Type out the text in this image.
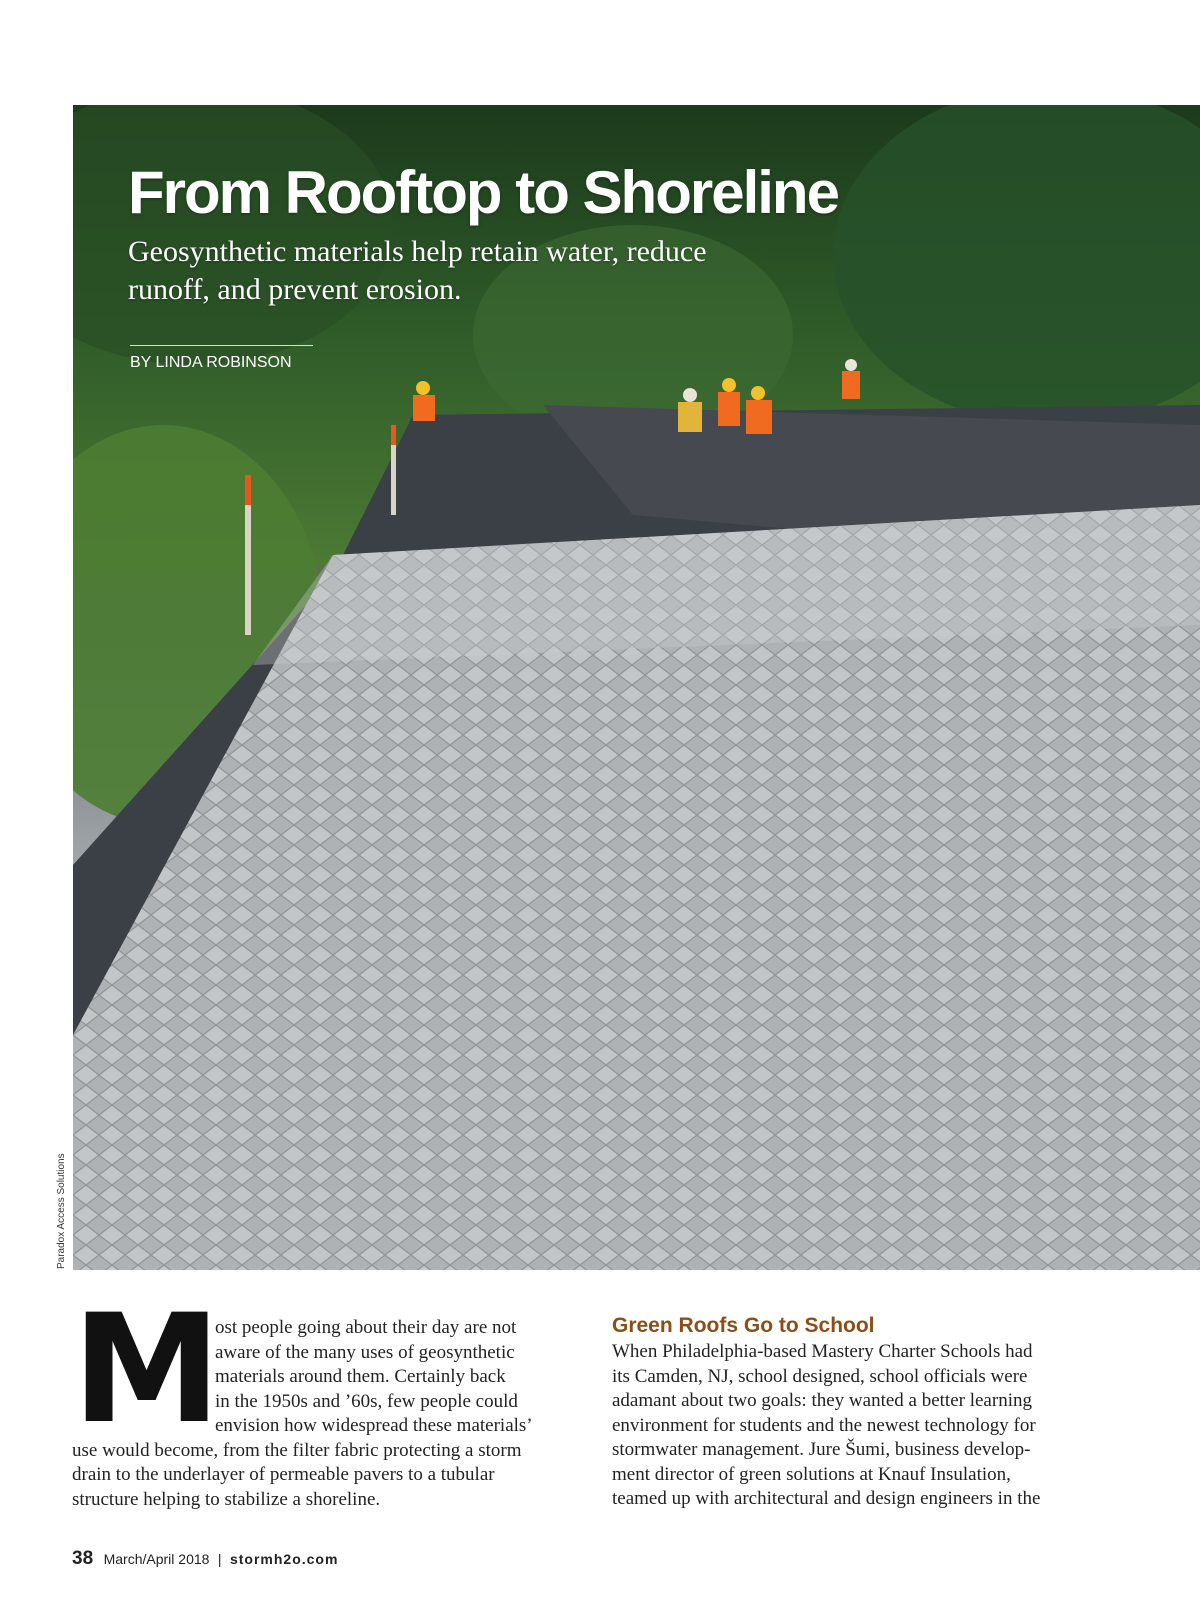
From Rooftop to Shoreline

Geosynthetic materials help retain water, reduce runoff, and prevent erosion.

BY LINDA ROBINSON
Paradox Access Solutions
M
ost people going about their day are not
aware of the many uses of geosynthetic
materials around them. Certainly back
in the 1950s and ’60s, few people could
envision how widespread these materials’
use would become, from the filter fabric protecting a storm
drain to the underlayer of permeable pavers to a tubular
structure helping to stabilize a shoreline.
Green Roofs Go to School
When Philadelphia-based Mastery Charter Schools had
its Camden, NJ, school designed, school officials were
adamant about two goals: they wanted a better learning
environment for students and the newest technology for
stormwater management. Jure Šumi, business develop-
ment director of green solutions at Knauf Insulation,
teamed up with architectural and design engineers in the
38 March/April 2018 | stormh2o.com
